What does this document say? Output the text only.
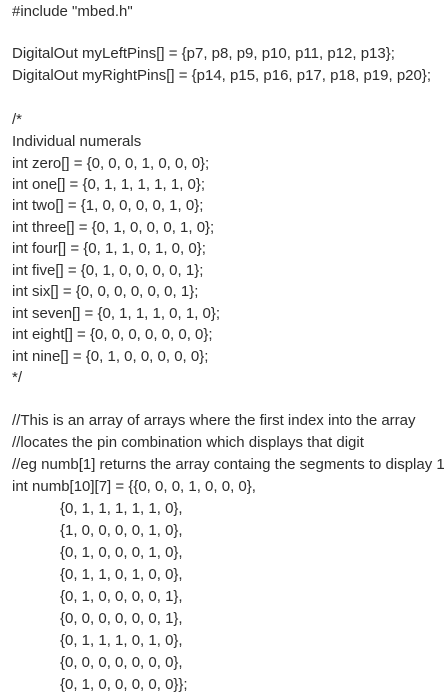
#include "mbed.h"

DigitalOut myLeftPins[] = {p7, p8, p9, p10, p11, p12, p13};

DigitalOut myRightPins[] = {p14, p15, p16, p17, p18, p19, p20};

/*

Individual numerals

int zero[] = {0, 0, 0, 1, 0, 0, 0};

int one[] = {0, 1, 1, 1, 1, 1, 0};

int two[] = {1, 0, 0, 0, 0, 1, 0};

int three[] = {0, 1, 0, 0, 0, 1, 0};

int four[] = {0, 1, 1, 0, 1, 0, 0};

int five[] = {0, 1, 0, 0, 0, 0, 1};

int six[] = {0, 0, 0, 0, 0, 0, 1};

int seven[] = {0, 1, 1, 1, 0, 1, 0};

int eight[] = {0, 0, 0, 0, 0, 0, 0};

int nine[] = {0, 1, 0, 0, 0, 0, 0};

*/

//This is an array of arrays where the first index into the array

//locates the pin combination which displays that digit

//eg numb[1] returns the array containg the segments to display 1

int numb[10][7] = {{0, 0, 0, 1, 0, 0, 0},

{0, 1, 1, 1, 1, 1, 0},

{1, 0, 0, 0, 0, 1, 0},

{0, 1, 0, 0, 0, 1, 0},

{0, 1, 1, 0, 1, 0, 0},

{0, 1, 0, 0, 0, 0, 1},

{0, 0, 0, 0, 0, 0, 1},

{0, 1, 1, 1, 0, 1, 0},

{0, 0, 0, 0, 0, 0, 0},

{0, 1, 0, 0, 0, 0, 0}};
